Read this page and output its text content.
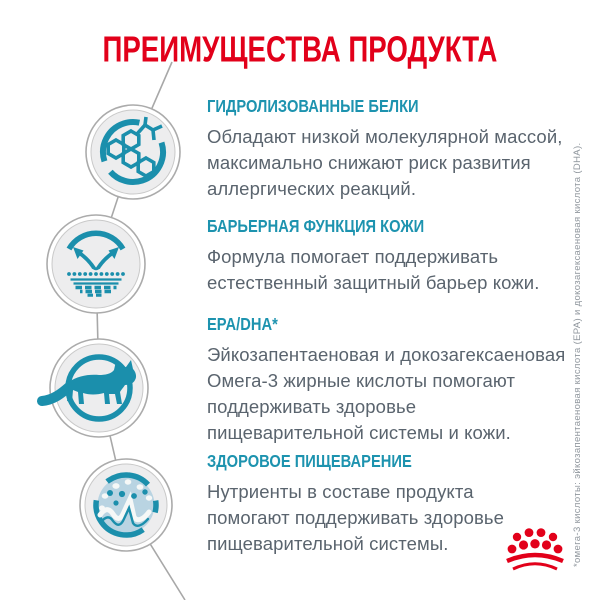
ПРЕИМУЩЕСТВА ПРОДУКТА
ГИДРОЛИЗОВАННЫЕ БЕЛКИ
Обладают низкой молекулярной массой,
максимально снижают риск развития
аллергических реакций.
БАРЬЕРНАЯ ФУНКЦИЯ КОЖИ
Формула помогает поддерживать
естественный защитный барьер кожи.
EPA/DHA*
Эйкозапентаеновая и докозагексаеновая
Омега-3 жирные кислоты помогают
поддерживать здоровье
пищеварительной системы и кожи.
ЗДОРОВОЕ ПИЩЕВАРЕНИЕ
Нутриенты в составе продукта
помогают поддерживать здоровье
пищеварительной системы.	*омега-3 кислоты: эйкозапентаеновая кислота (EPA) и докозагексаеновая кислота (DHA).
